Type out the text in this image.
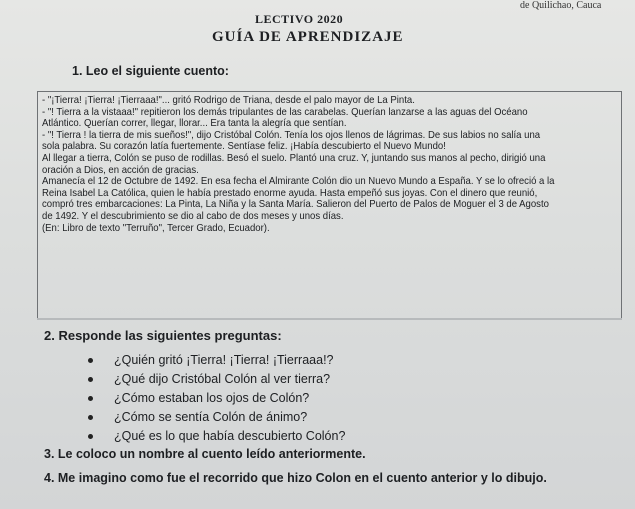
de Quilichao, Cauca
LECTIVO 2020
GUÍA DE APRENDIZAJE
1. Leo el siguiente cuento:

- "¡Tierra! ¡Tierra! ¡Tierraaa!"... gritó Rodrigo de Triana, desde el palo mayor de La Pinta.

- "! Tierra a la vistaaa!" repitieron los demás tripulantes de las carabelas. Querían lanzarse a las aguas del Océano

Atlántico. Querían correr, llegar, llorar... Era tanta la alegría que sentían.

- "! Tierra ! la tierra de mis sueños!", dijo Cristóbal Colón. Tenía los ojos llenos de lágrimas. De sus labios no salía una

sola palabra. Su corazón latía fuertemente. Sentíase feliz. ¡Había descubierto el Nuevo Mundo!

Al llegar a tierra, Colón se puso de rodillas. Besó el suelo. Plantó una cruz. Y, juntando sus manos al pecho, dirigió una

oración a Dios, en acción de gracias.

Amanecía el 12 de Octubre de 1492. En esa fecha el Almirante Colón dio un Nuevo Mundo a España. Y se lo ofreció a la

Reina Isabel La Católica, quien le había prestado enorme ayuda. Hasta empeñó sus joyas. Con el dinero que reunió,

compró tres embarcaciones: La Pinta, La Niña y la Santa María. Salieron del Puerto de Palos de Moguer el 3 de Agosto

de 1492. Y el descubrimiento se dio al cabo de dos meses y unos días.

(En: Libro de texto "Terruño", Tercer Grado, Ecuador).

2. Responde las siguientes preguntas:
¿Quién gritó ¡Tierra! ¡Tierra! ¡Tierraaa!?
¿Qué dijo Cristóbal Colón al ver tierra?
¿Cómo estaban los ojos de Colón?
¿Cómo se sentía Colón de ánimo?
¿Qué es lo que había descubierto Colón?
3. Le coloco un nombre al cuento leído anteriormente.
4. Me imagino como fue el recorrido que hizo Colon en el cuento anterior y lo dibujo.
